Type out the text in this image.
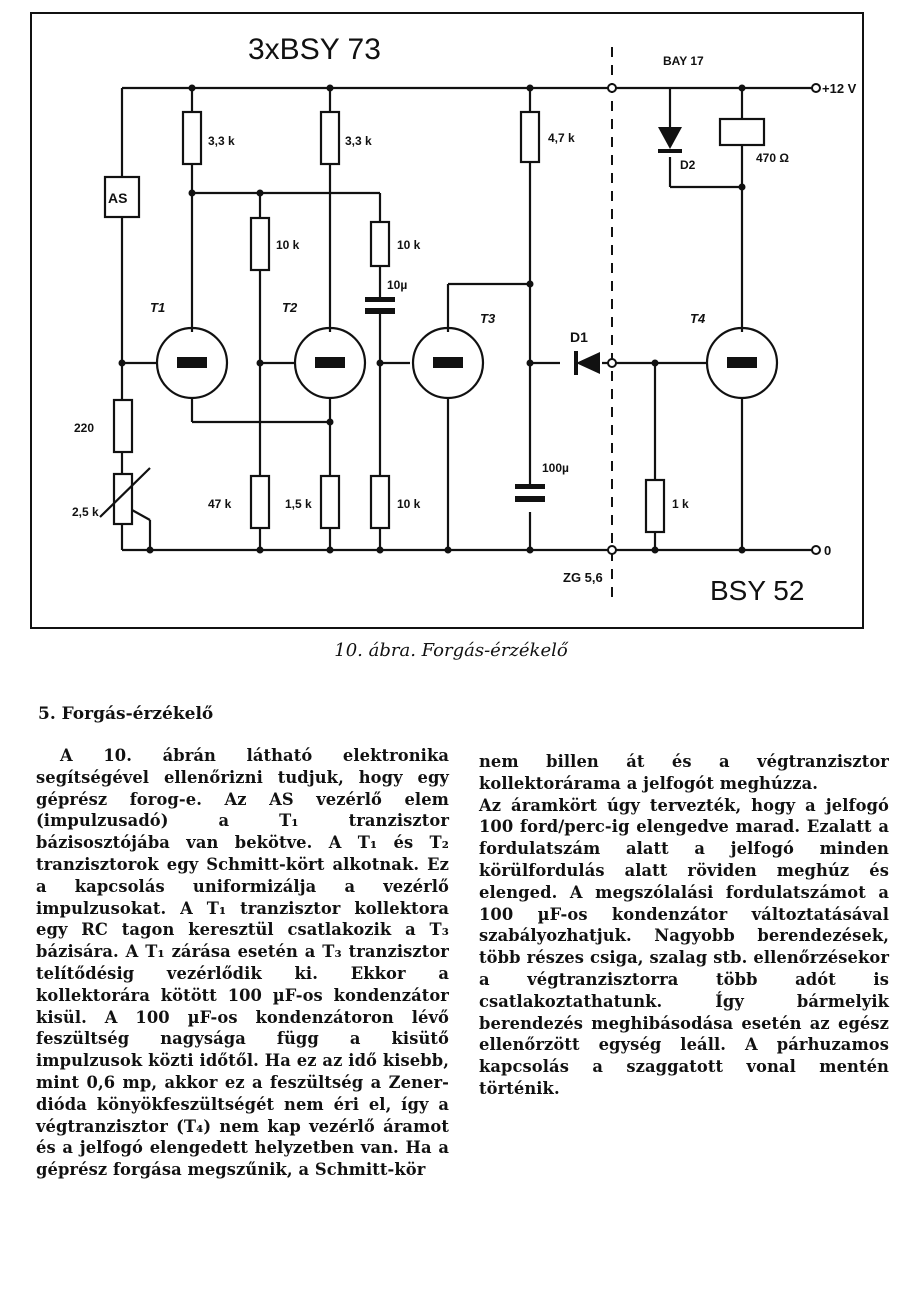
3xBSY 73
BSY 52
BAY 17
ZG 5,6
+12 V
0
AS
3,3 k	3,3 k	4,7 k
10 k	10 k
10µ
220
2,5 k
47 k	1,5 k	10 k
100µ
1 k
470 Ω
D1
D2
T1	T2
T3	T4
10. ábra. Forgás-érzékelő
5. Forgás-érzékelő

A 10. ábrán látható elektronika segítségével ellenőrizni tudjuk, hogy egy géprész forog-e. Az AS vezérlő elem (impulzusadó) a T₁ tranzisztor bázisosztójába van bekötve. A T₁ és T₂ tranzisztorok egy Schmitt-kört alkotnak. Ez a kapcsolás uniformizálja a vezérlő impulzusokat. A T₁ tranzisztor kollektora egy RC tagon keresztül csatlakozik a T₃ bázisára. A T₁ zárása esetén a T₃ tranzisztor telítődésig vezérlődik ki. Ekkor a kollektorára kötött 100 µF-os kondenzátor kisül. A 100 µF-os kondenzátoron lévő feszültség nagysága függ a kisütő impulzusok közti időtől. Ha ez az idő kisebb, mint 0,6 mp, akkor ez a feszültség a Zener-dióda könyökfeszültségét nem éri el, így a végtranzisztor (T₄) nem kap vezérlő áramot és a jelfogó elengedett helyzetben van. Ha a géprész forgása megszűnik, a Schmitt-kör

nem billen át és a végtranzisztor kollektorárama a jelfogót meghúzza.

Az áramkört úgy tervezték, hogy a jelfogó 100 ford/perc-ig elengedve marad. Ezalatt a fordulatszám alatt a jelfogó minden körülfordulás alatt röviden meghúz és elenged. A megszólalási fordulatszámot a 100 µF-os kondenzátor változtatásával szabályozhatjuk. Nagyobb berendezések, több részes csiga, szalag stb. ellenőrzésekor a végtranzisztorra több adót is csatlakoztathatunk. Így bármelyik berendezés meghibásodása esetén az egész ellenőrzött egység leáll. A párhuzamos kapcsolás a szaggatott vonal mentén történik.
